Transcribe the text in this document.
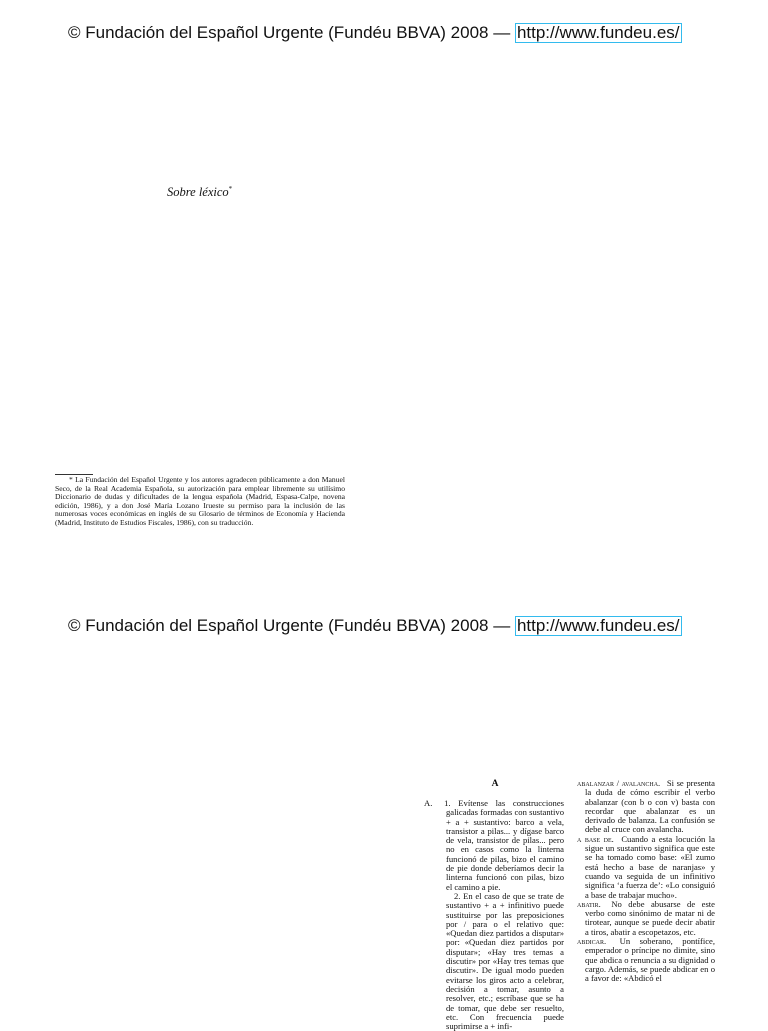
© Fundación del Español Urgente (Fundéu BBVA) 2008 — http://www.fundeu.es/
Sobre léxico*

* La Fundación del Español Urgente y los autores agradecen públicamente a don Manuel Seco, de la Real Academia Española, su autorización para emplear libremente su utilísimo Diccionario de dudas y dificultades de la lengua española (Madrid, Espasa-Calpe, novena edición, 1986), y a don José María Lozano Irueste su permiso para la inclusión de las numerosas voces económicas en inglés de su Glosario de términos de Economía y Hacienda (Madrid, Instituto de Estudios Fiscales, 1986), con su traducción.

© Fundación del Español Urgente (Fundéu BBVA) 2008 — http://www.fundeu.es/
A
A. 1. Evítense las construcciones galicadas formadas con sustantivo + a + sustantivo: barco a vela, transistor a pilas... y dígase barco de vela, transistor de pilas... pero no en casos como la linterna funcionó de pilas, bizo el camino de pie donde deberíamos decir la linterna funcionó con pilas, bizo el camino a pie.
2. En el caso de que se trate de sustantivo + a + infinitivo puede sustituirse por las preposiciones por / para o el relativo que: «Quedan diez partidos a disputar» por: «Quedan diez partidos por disputar»; «Hay tres temas a discutir» por «Hay tres temas que discutir». De igual modo pueden evitarse los giros acto a celebrar, decisión a tomar, asunto a resolver, etc.; escríbase que se ha de tomar, que debe ser resuelto, etc. Con frecuencia puede suprimirse a + infi-
abalanzar / avalancha. Si se presenta la duda de cómo escribir el verbo abalanzar (con b o con v) basta con recordar que abalanzar es un derivado de balanza. La confusión se debe al cruce con avalancha.
a base de. Cuando a esta locución la sigue un sustantivo significa que este se ha tomado como base: «El zumo está hecho a base de naranjas» y cuando va seguida de un infinitivo significa ‘a fuerza de’: «Lo consiguió a base de trabajar mucho».
abatir. No debe abusarse de este verbo como sinónimo de matar ni de tirotear, aunque se puede decir abatir a tiros, abatir a escopetazos, etc.
abdicar. Un soberano, pontífice, emperador o príncipe no dimite, sino que abdica o renuncia a su dignidad o cargo. Además, se puede abdicar en o a favor de: «Abdicó el
